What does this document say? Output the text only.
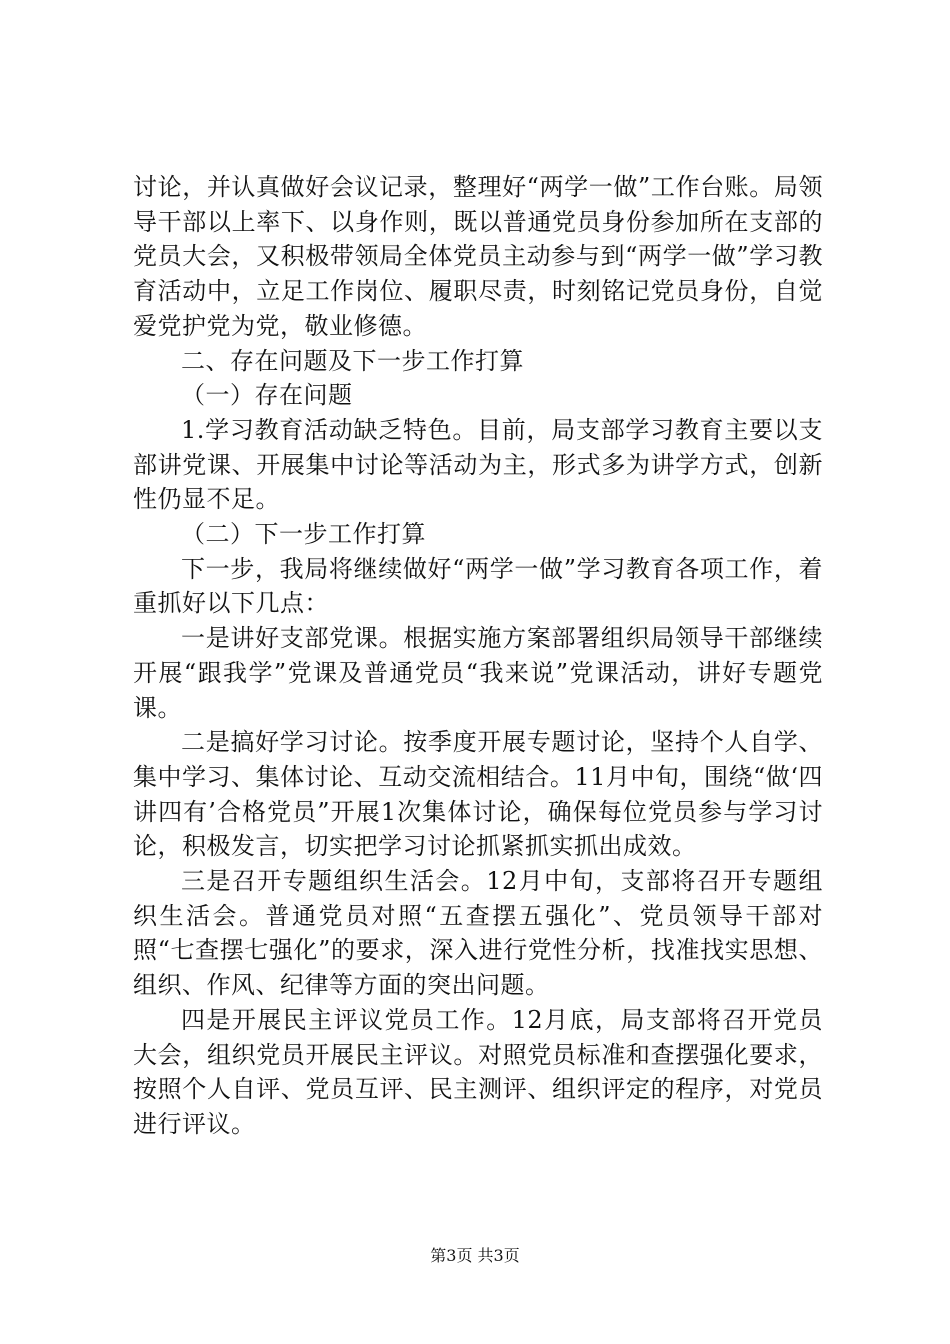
讨论，并认真做好会议记录，整理好“两学一做”工作台账。局领导干部以上率下、以身作则，既以普通党员身份参加所在支部的党员大会，又积极带领局全体党员主动参与到“两学一做”学习教育活动中，立足工作岗位、履职尽责，时刻铭记党员身份，自觉爱党护党为党，敬业修德。

二、存在问题及下一步工作打算

（一）存在问题

1.学习教育活动缺乏特色。目前，局支部学习教育主要以支部讲党课、开展集中讨论等活动为主，形式多为讲学方式，创新性仍显不足。

（二）下一步工作打算

下一步，我局将继续做好“两学一做”学习教育各项工作，着重抓好以下几点：

一是讲好支部党课。根据实施方案部署组织局领导干部继续开展“跟我学”党课及普通党员“我来说”党课活动，讲好专题党课。

二是搞好学习讨论。按季度开展专题讨论，坚持个人自学、集中学习、集体讨论、互动交流相结合。11月中旬，围绕“做‘四讲四有’合格党员”开展1次集体讨论，确保每位党员参与学习讨论，积极发言，切实把学习讨论抓紧抓实抓出成效。

三是召开专题组织生活会。12月中旬，支部将召开专题组织生活会。普通党员对照“五查摆五强化”、党员领导干部对照“七查摆七强化”的要求，深入进行党性分析，找准找实思想、组织、作风、纪律等方面的突出问题。

四是开展民主评议党员工作。12月底，局支部将召开党员大会，组织党员开展民主评议。对照党员标准和查摆强化要求，按照个人自评、党员互评、民主测评、组织评定的程序，对党员进行评议。

第3页 共3页
